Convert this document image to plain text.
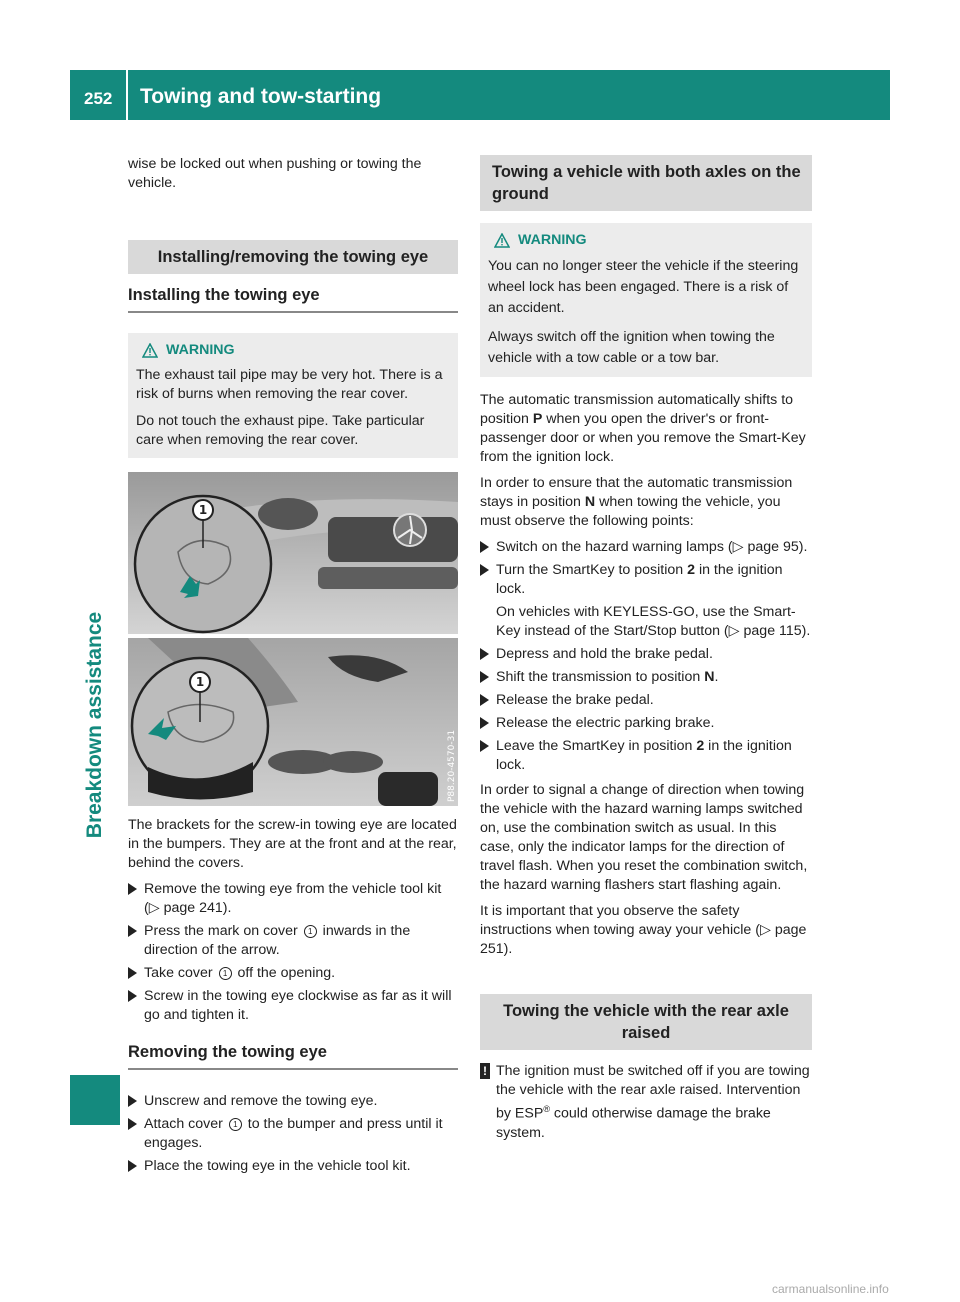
252 Towing and tow-starting
Breakdown assistance

wise be locked out when pushing or towing the vehicle.

Installing/removing the towing eye
Installing the towing eye
WARNING

The exhaust tail pipe may be very hot. There is a risk of burns when removing the rear cover.

Do not touch the exhaust pipe. Take particular care when removing the rear cover.

1
1
P88.20-4570-31

The brackets for the screw-in towing eye are located in the bumpers. They are at the front and at the rear, behind the covers.

Remove the towing eye from the vehicle tool kit (▷ page 241).
Press the mark on cover 1 inwards in the direction of the arrow.
Take cover 1 off the opening.
Screw in the towing eye clockwise as far as it will go and tighten it.
Removing the towing eye
Unscrew and remove the towing eye.
Attach cover 1 to the bumper and press until it engages.
Place the towing eye in the vehicle tool kit.
Towing a vehicle with both axles on the ground
WARNING

You can no longer steer the vehicle if the steering wheel lock has been engaged. There is a risk of an accident.

Always switch off the ignition when towing the vehicle with a tow cable or a tow bar.

The automatic transmission automatically shifts to position P when you open the driver's or front-passenger door or when you remove the Smart-Key from the ignition lock.

In order to ensure that the automatic transmission stays in position N when towing the vehicle, you must observe the following points:

Switch on the hazard warning lamps (▷ page 95).
Turn the SmartKey to position 2 in the ignition lock.
On vehicles with KEYLESS-GO, use the Smart-Key instead of the Start/Stop button (▷ page 115).
Depress and hold the brake pedal.
Shift the transmission to position N.
Release the brake pedal.
Release the electric parking brake.
Leave the SmartKey in position 2 in the ignition lock.

In order to signal a change of direction when towing the vehicle with the hazard warning lamps switched on, use the combination switch as usual. In this case, only the indicator lamps for the direction of travel flash. When you reset the combination switch, the hazard warning flashers start flashing again.

It is important that you observe the safety instructions when towing away your vehicle (▷ page 251).

Towing the vehicle with the rear axle raised
! The ignition must be switched off if you are towing the vehicle with the rear axle raised. Intervention by ESP® could otherwise damage the brake system.
carmanualsonline.info
